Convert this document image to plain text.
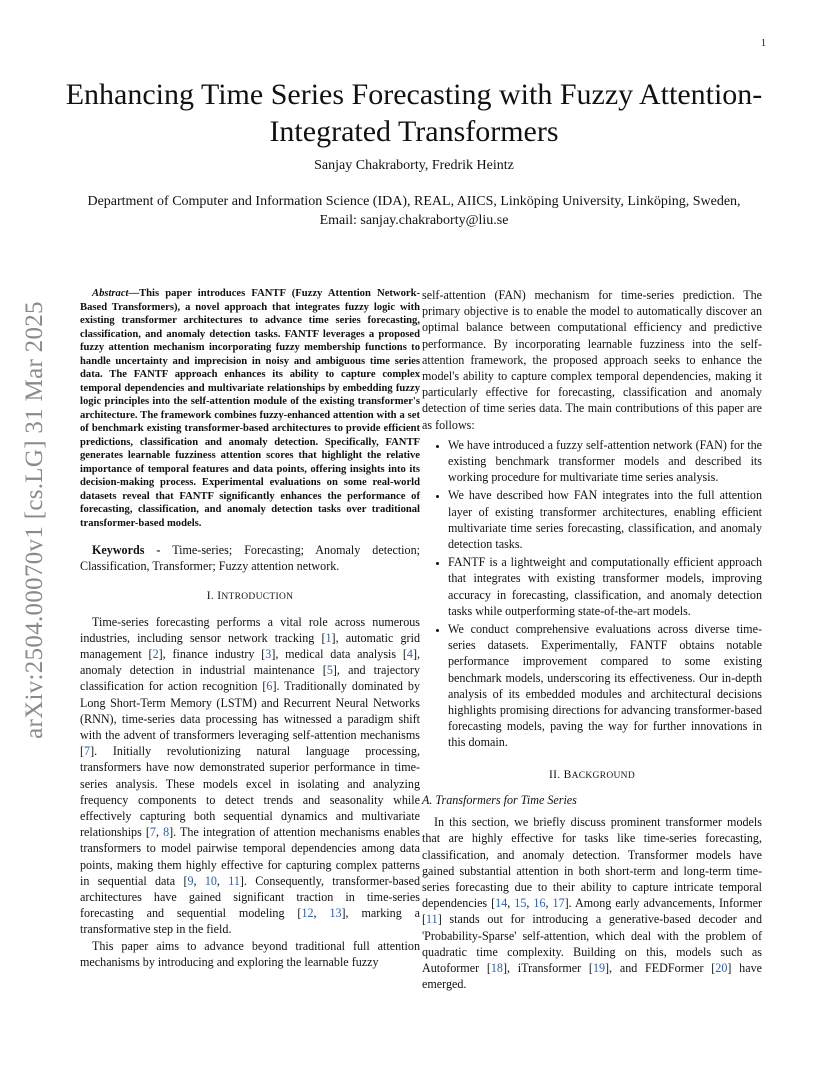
1
arXiv:2504.00070v1 [cs.LG] 31 Mar 2025
Enhancing Time Series Forecasting with Fuzzy Attention-Integrated Transformers
Sanjay Chakraborty, Fredrik Heintz
Department of Computer and Information Science (IDA), REAL, AIICS, Linköping University, Linköping, Sweden, Email: sanjay.chakraborty@liu.se

Abstract—This paper introduces FANTF (Fuzzy Attention Network-Based Transformers), a novel approach that integrates fuzzy logic with existing transformer architectures to advance time series forecasting, classification, and anomaly detection tasks. FANTF leverages a proposed fuzzy attention mechanism incorporating fuzzy membership functions to handle uncertainty and imprecision in noisy and ambiguous time series data. The FANTF approach enhances its ability to capture complex temporal dependencies and multivariate relationships by embedding fuzzy logic principles into the self-attention module of the existing transformer's architecture. The framework combines fuzzy-enhanced attention with a set of benchmark existing transformer-based architectures to provide efficient predictions, classification and anomaly detection. Specifically, FANTF generates learnable fuzziness attention scores that highlight the relative importance of temporal features and data points, offering insights into its decision-making process. Experimental evaluations on some real-world datasets reveal that FANTF significantly enhances the performance of forecasting, classification, and anomaly detection tasks over traditional transformer-based models.

Keywords - Time-series; Forecasting; Anomaly detection; Classification, Transformer; Fuzzy attention network.

I. INTRODUCTION

Time-series forecasting performs a vital role across numerous industries, including sensor network tracking [1], automatic grid management [2], finance industry [3], medical data analysis [4], anomaly detection in industrial maintenance [5], and trajectory classification for action recognition [6]. Traditionally dominated by Long Short-Term Memory (LSTM) and Recurrent Neural Networks (RNN), time-series data processing has witnessed a paradigm shift with the advent of transformers leveraging self-attention mechanisms [7]. Initially revolutionizing natural language processing, transformers have now demonstrated superior performance in time-series analysis. These models excel in isolating and analyzing frequency components to detect trends and seasonality while effectively capturing both sequential dynamics and multivariate relationships [7, 8]. The integration of attention mechanisms enables transformers to model pairwise temporal dependencies among data points, making them highly effective for capturing complex patterns in sequential data [9, 10, 11]. Consequently, transformer-based architectures have gained significant traction in time-series forecasting and sequential modeling [12, 13], marking a transformative step in the field.

This paper aims to advance beyond traditional full attention mechanisms by introducing and exploring the learnable fuzzy

self-attention (FAN) mechanism for time-series prediction. The primary objective is to enable the model to automatically discover an optimal balance between computational efficiency and predictive performance. By incorporating learnable fuzziness into the self-attention framework, the proposed approach seeks to enhance the model's ability to capture complex temporal dependencies, making it particularly effective for forecasting, classification and anomaly detection of time series data. The main contributions of this paper are as follows:

• We have introduced a fuzzy self-attention network (FAN) for the existing benchmark transformer models and described its working procedure for multivariate time series analysis.
• We have described how FAN integrates into the full attention layer of existing transformer architectures, enabling efficient multivariate time series forecasting, classification, and anomaly detection tasks.
• FANTF is a lightweight and computationally efficient approach that integrates with existing transformer models, improving accuracy in forecasting, classification, and anomaly detection tasks while outperforming state-of-the-art models.
• We conduct comprehensive evaluations across diverse time-series datasets. Experimentally, FANTF obtains notable performance improvement compared to some existing benchmark models, underscoring its effectiveness. Our in-depth analysis of its embedded modules and architectural decisions highlights promising directions for advancing transformer-based forecasting models, paving the way for further innovations in this domain.
II. BACKGROUND
A. Transformers for Time Series

In this section, we briefly discuss prominent transformer models that are highly effective for tasks like time-series forecasting, classification, and anomaly detection. Transformer models have gained substantial attention in both short-term and long-term time-series forecasting due to their ability to capture intricate temporal dependencies [14, 15, 16, 17]. Among early advancements, Informer [11] stands out for introducing a generative-based decoder and 'Probability-Sparse' self-attention, which deal with the problem of quadratic time complexity. Building on this, models such as Autoformer [18], iTransformer [19], and FEDFormer [20] have emerged.
